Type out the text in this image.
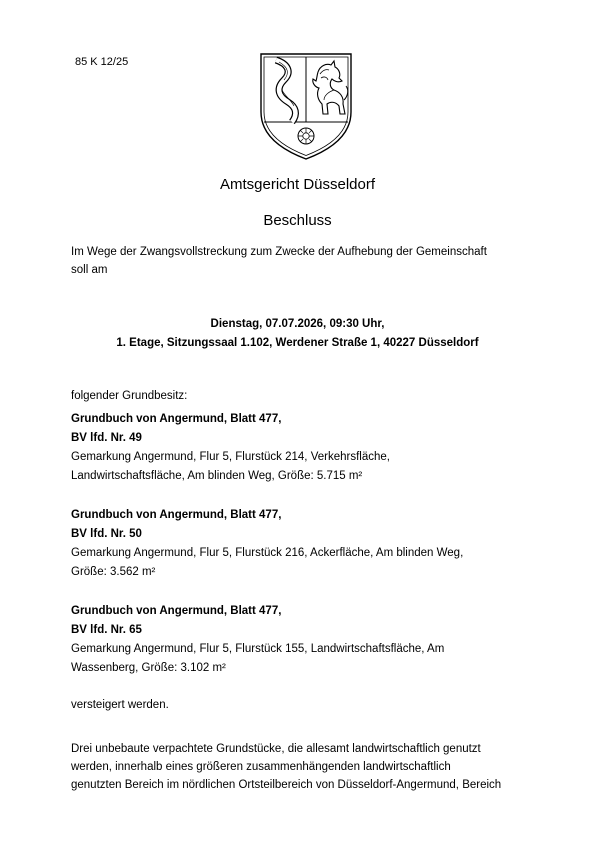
85 K 12/25
Amtsgericht Düsseldorf
Beschluss
Im Wege der Zwangsvollstreckung zum Zwecke der Aufhebung der Gemeinschaft
soll am
Dienstag, 07.07.2026, 09:30 Uhr,
1. Etage, Sitzungssaal 1.102, Werdener Straße 1, 40227 Düsseldorf
folgender Grundbesitz:
Grundbuch von Angermund, Blatt 477,
BV lfd. Nr. 49
Gemarkung Angermund, Flur 5, Flurstück 214, Verkehrsfläche,
Landwirtschaftsfläche, Am blinden Weg, Größe: 5.715 m²
Grundbuch von Angermund, Blatt 477,
BV lfd. Nr. 50
Gemarkung Angermund, Flur 5, Flurstück 216, Ackerfläche, Am blinden Weg,
Größe: 3.562 m²
Grundbuch von Angermund, Blatt 477,
BV lfd. Nr. 65
Gemarkung Angermund, Flur 5, Flurstück 155, Landwirtschaftsfläche, Am
Wassenberg, Größe: 3.102 m²
versteigert werden.
Drei unbebaute verpachtete Grundstücke, die allesamt landwirtschaftlich genutzt
werden, innerhalb eines größeren zusammenhängenden landwirtschaftlich
genutzten Bereich im nördlichen Ortsteilbereich von Düsseldorf-Angermund, Bereich
